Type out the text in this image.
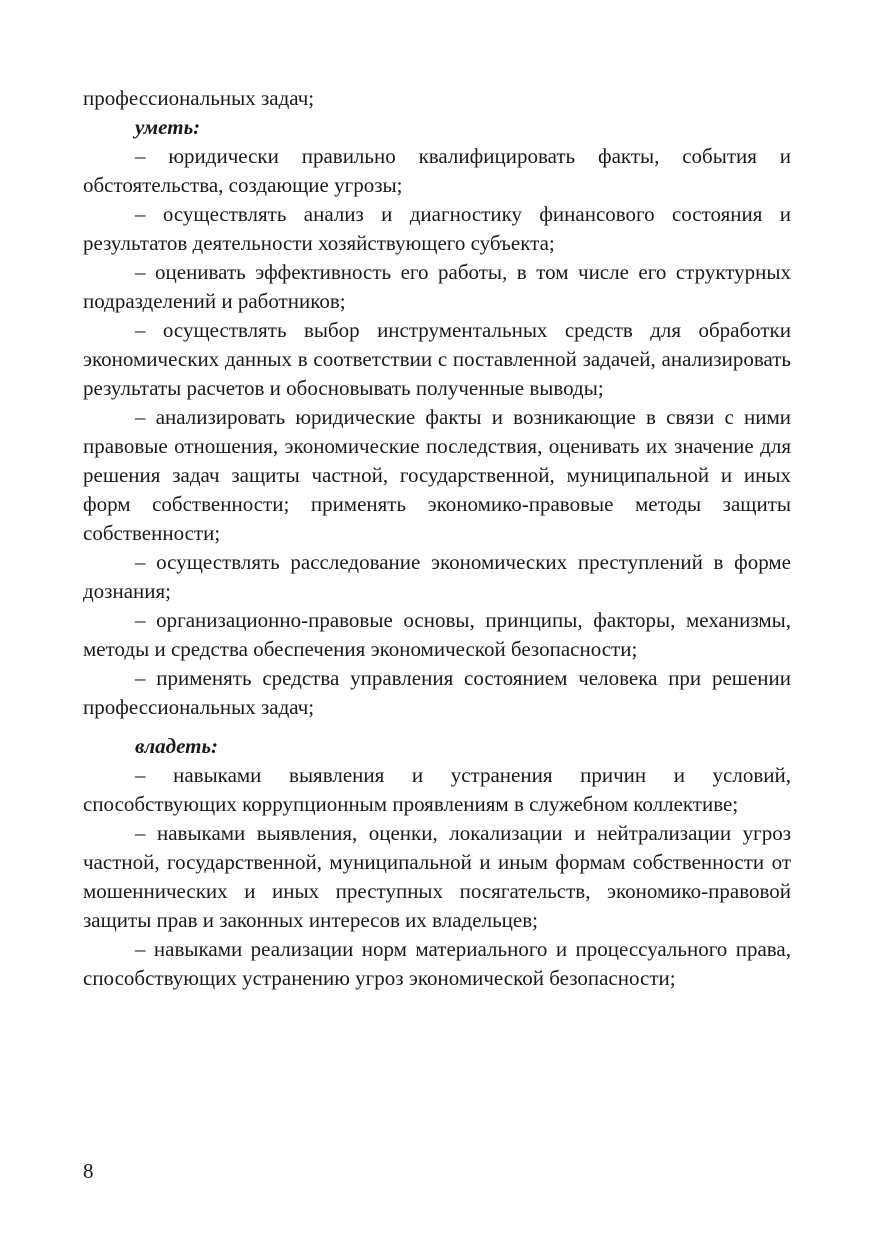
профессиональных задач;

уметь:

– юридически правильно квалифицировать факты, события и обстоятельства, создающие угрозы;

– осуществлять анализ и диагностику финансового состояния и результатов деятельности хозяйствующего субъекта;

– оценивать эффективность его работы, в том числе его структурных подразделений и работников;

– осуществлять выбор инструментальных средств для обработки экономических данных в соответствии с поставленной задачей, анализировать результаты расчетов и обосновывать полученные выводы;

– анализировать юридические факты и возникающие в связи с ними правовые отношения, экономические последствия, оценивать их значение для решения задач защиты частной, государственной, муниципальной и иных форм собственности; применять экономико-правовые методы защиты собственности;

– осуществлять расследование экономических преступлений в форме дознания;

– организационно-правовые основы, принципы, факторы, механизмы, методы и средства обеспечения экономической безопасности;

– применять средства управления состоянием человека при решении профессиональных задач;

владеть:

– навыками выявления и устранения причин и условий, способствующих коррупционным проявлениям в служебном коллективе;

– навыками выявления, оценки, локализации и нейтрализации угроз частной, государственной, муниципальной и иным формам собственности от мошеннических и иных преступных посягательств, экономико-правовой защиты прав и законных интересов их владельцев;

– навыками реализации норм материального и процессуального права, способствующих устранению угроз экономической безопасности;

8
